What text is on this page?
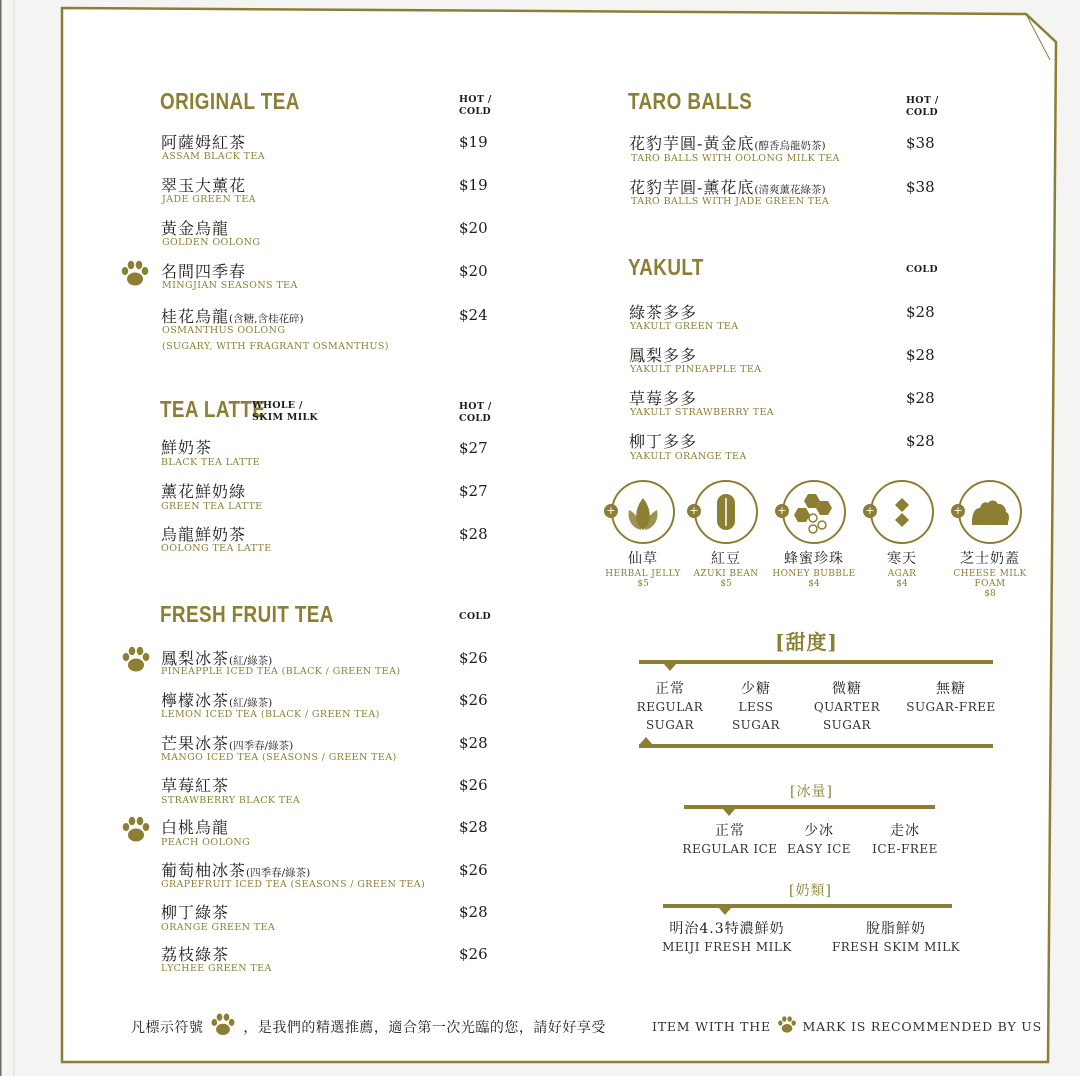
ORIGINAL TEA	HOT /
COLD
阿薩姆紅茶
ASSAM BLACK TEA
$19
翠玉大薰花
JADE GREEN TEA
$19
黃金烏龍
GOLDEN OOLONG
$20
名間四季春
MINGJIAN SEASONS TEA
$20
桂花烏龍(含糖,含桂花碎)
OSMANTHUS OOLONG
(SUGARY, WITH FRAGRANT OSMANTHUS)
$24
TEA LATTE
WHOLE /
SKIM MILK
HOT /
COLD
鮮奶茶
BLACK TEA LATTE
$27
薰花鮮奶綠
GREEN TEA LATTE
$27
烏龍鮮奶茶
OOLONG TEA LATTE
$28
FRESH FRUIT TEA	COLD
鳳梨冰茶(紅/綠茶)
PINEAPPLE ICED TEA (BLACK / GREEN TEA)
$26
檸檬冰茶(紅/綠茶)
LEMON ICED TEA (BLACK / GREEN TEA)
$26
芒果冰茶(四季春/綠茶)
MANGO ICED TEA (SEASONS / GREEN TEA)
$28
草莓紅茶
STRAWBERRY BLACK TEA
$26
白桃烏龍
PEACH OOLONG
$28
葡萄柚冰茶(四季春/綠茶)
GRAPEFRUIT ICED TEA (SEASONS / GREEN TEA)
$26
柳丁綠茶
ORANGE GREEN TEA
$28
荔枝綠茶
LYCHEE GREEN TEA
$26
TARO BALLS	HOT /
COLD
花豹芋圓-黃金底(醇香烏龍奶茶)
TARO BALLS WITH OOLONG MILK TEA
$38
花豹芋圓-薰花底(清爽薰花綠茶)
TARO BALLS WITH JADE GREEN TEA
$38
YAKULT	COLD
綠茶多多
YAKULT GREEN TEA
$28
鳳梨多多
YAKULT PINEAPPLE TEA
$28
草莓多多
YAKULT STRAWBERRY TEA
$28
柳丁多多
YAKULT ORANGE TEA
$28
+
仙草
HERBAL JELLY
$5
+
紅豆
AZUKI BEAN
$5
+
蜂蜜珍珠
HONEY BUBBLE
$4
+
寒天
AGAR
$4
+
芝士奶蓋
CHEESE MILK FOAM
$8
[甜度]
正常
REGULAR
SUGAR
少糖
LESS
SUGAR
微糖
QUARTER
SUGAR
無糖
SUGAR-FREE
[冰量]
正常
REGULAR ICE
少冰
EASY ICE
走冰
ICE-FREE
[奶類]
明治4.3特濃鮮奶
MEIJI FRESH MILK
脫脂鮮奶
FRESH SKIM MILK
凡標示符號	，是我們的精選推薦，適合第一次光臨的您，請好好享受	ITEM WITH THE	MARK IS RECOMMENDED BY US
